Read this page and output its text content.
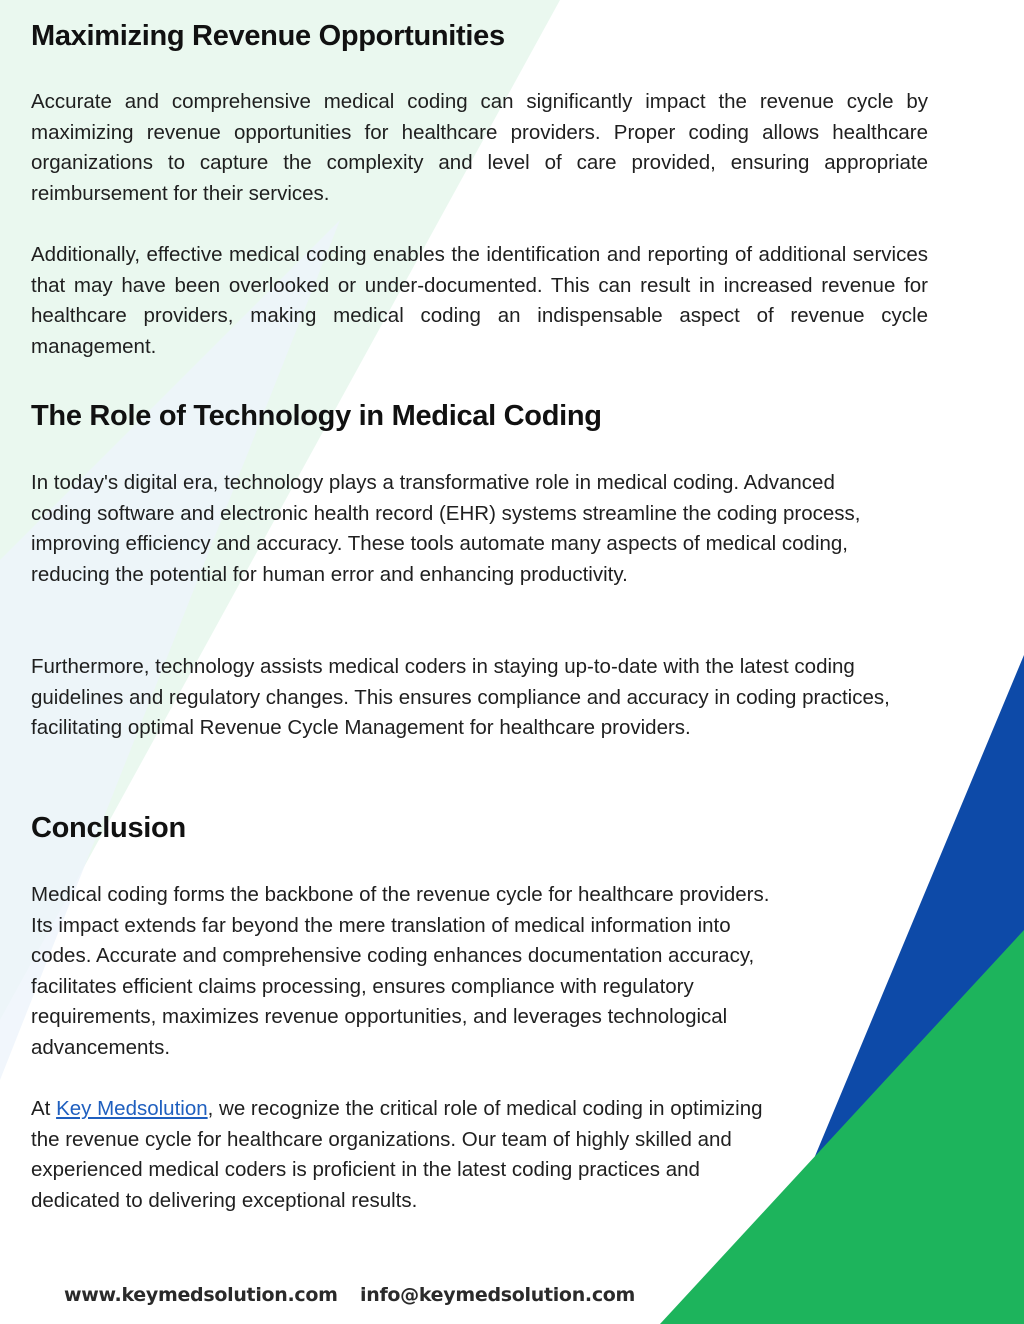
Maximizing Revenue Opportunities

Accurate and comprehensive medical coding can significantly impact the revenue cycle by maximizing revenue opportunities for healthcare providers. Proper coding allows healthcare organizations to capture the complexity and level of care provided, ensuring appropriate reimbursement for their services.

Additionally, effective medical coding enables the identification and reporting of additional services that may have been overlooked or under-documented. This can result in increased revenue for healthcare providers, making medical coding an indispensable aspect of revenue cycle management.

The Role of Technology in Medical Coding

In today's digital era, technology plays a transformative role in medical coding. Advanced coding software and electronic health record (EHR) systems streamline the coding process, improving efficiency and accuracy. These tools automate many aspects of medical coding, reducing the potential for human error and enhancing productivity.

Furthermore, technology assists medical coders in staying up-to-date with the latest coding guidelines and regulatory changes. This ensures compliance and accuracy in coding practices, facilitating optimal Revenue Cycle Management for healthcare providers.

Conclusion

Medical coding forms the backbone of the revenue cycle for healthcare providers. Its impact extends far beyond the mere translation of medical information into codes. Accurate and comprehensive coding enhances documentation accuracy, facilitates efficient claims processing, ensures compliance with regulatory requirements, maximizes revenue opportunities, and leverages technological advancements.

At Key Medsolution, we recognize the critical role of medical coding in optimizing the revenue cycle for healthcare organizations. Our team of highly skilled and experienced medical coders is proficient in the latest coding practices and dedicated to delivering exceptional results.

www.keymedsolution.com info@keymedsolution.com
